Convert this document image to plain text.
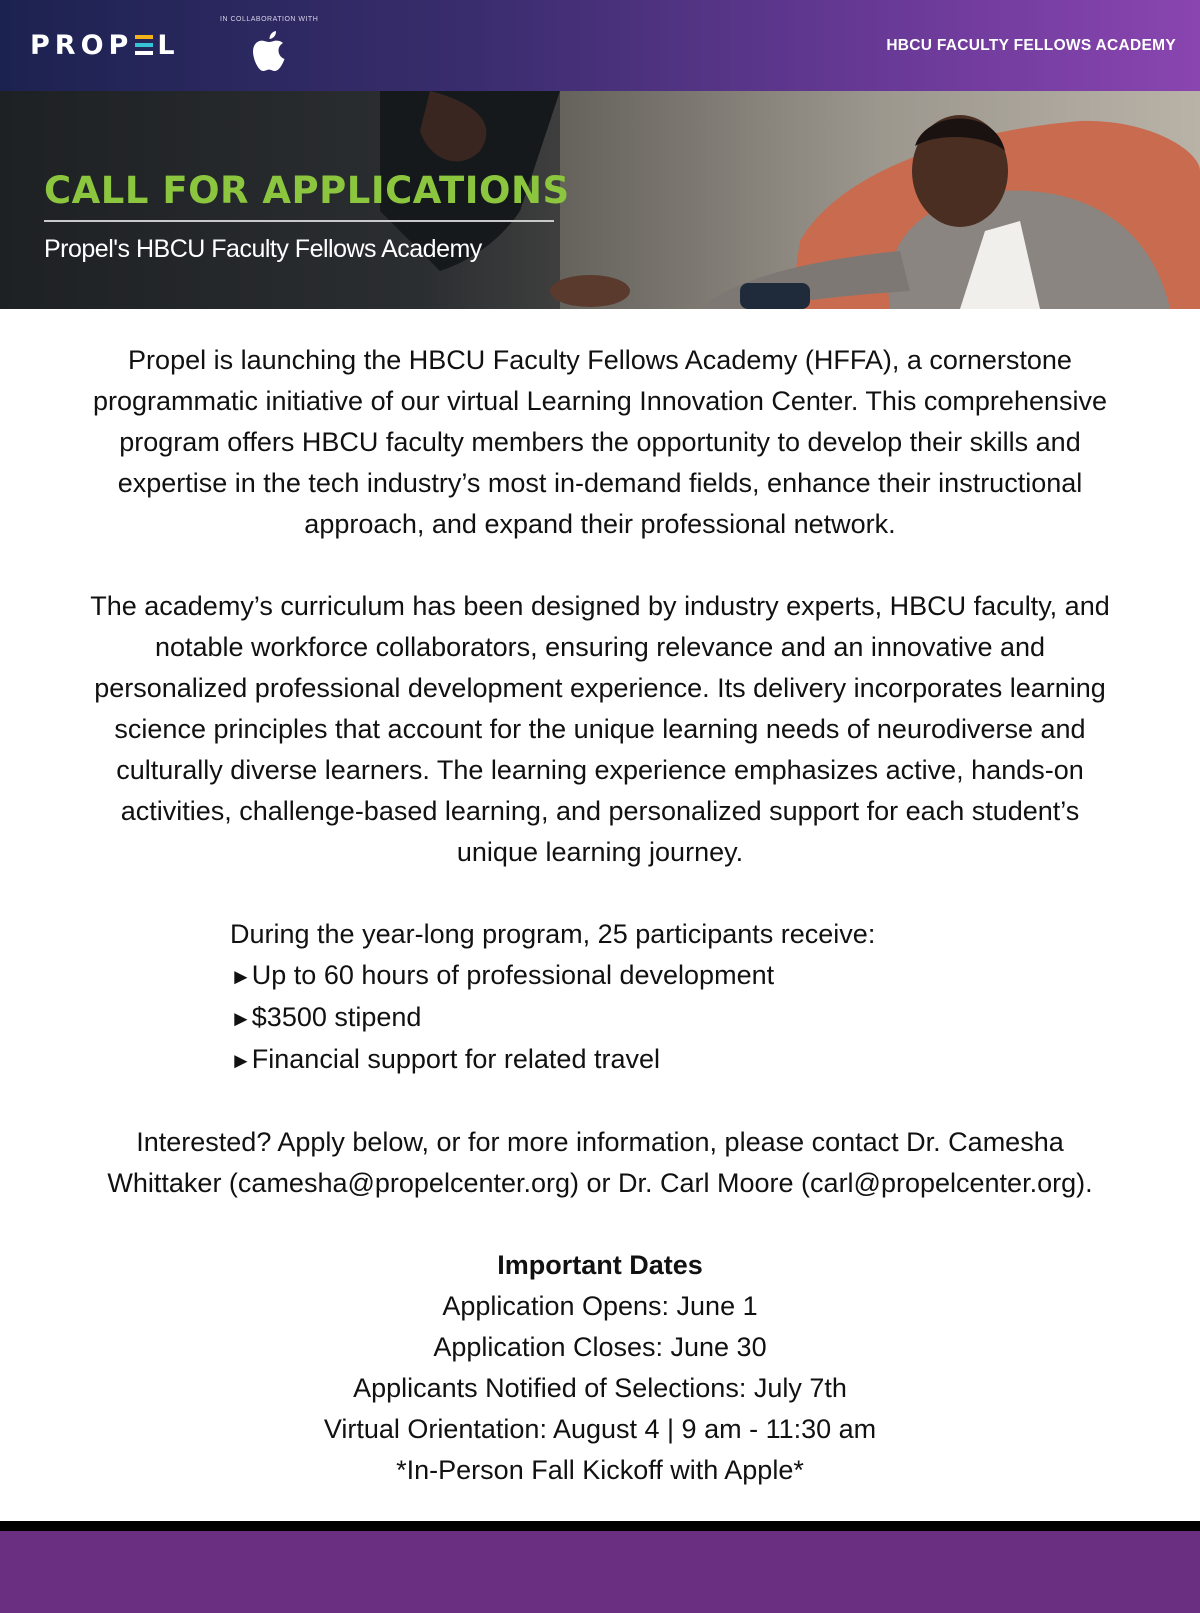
PROP L
IN COLLABORATION WITH
HBCU FACULTY FELLOWS ACADEMY
CALL FOR APPLICATIONS
Propel's HBCU Faculty Fellows Academy
Propel is launching the HBCU Faculty Fellows Academy (HFFA), a cornerstone
programmatic initiative of our virtual Learning Innovation Center. This comprehensive
program offers HBCU faculty members the opportunity to develop their skills and
expertise in the tech industry’s most in-demand fields, enhance their instructional
approach, and expand their professional network.
The academy’s curriculum has been designed by industry experts, HBCU faculty, and
notable workforce collaborators, ensuring relevance and an innovative and
personalized professional development experience. Its delivery incorporates learning
science principles that account for the unique learning needs of neurodiverse and
culturally diverse learners. The learning experience emphasizes active, hands-on
activities, challenge-based learning, and personalized support for each student’s
unique learning journey.
During the year-long program, 25 participants receive:
►Up to 60 hours of professional development
►$3500 stipend
►Financial support for related travel
Interested? Apply below, or for more information, please contact Dr. Camesha
Whittaker (camesha@propelcenter.org) or Dr. Carl Moore (carl@propelcenter.org).
Important Dates
Application Opens: June 1
Application Closes: June 30
Applicants Notified of Selections: July 7th
Virtual Orientation: August 4 | 9 am - 11:30 am
*In-Person Fall Kickoff with Apple*
